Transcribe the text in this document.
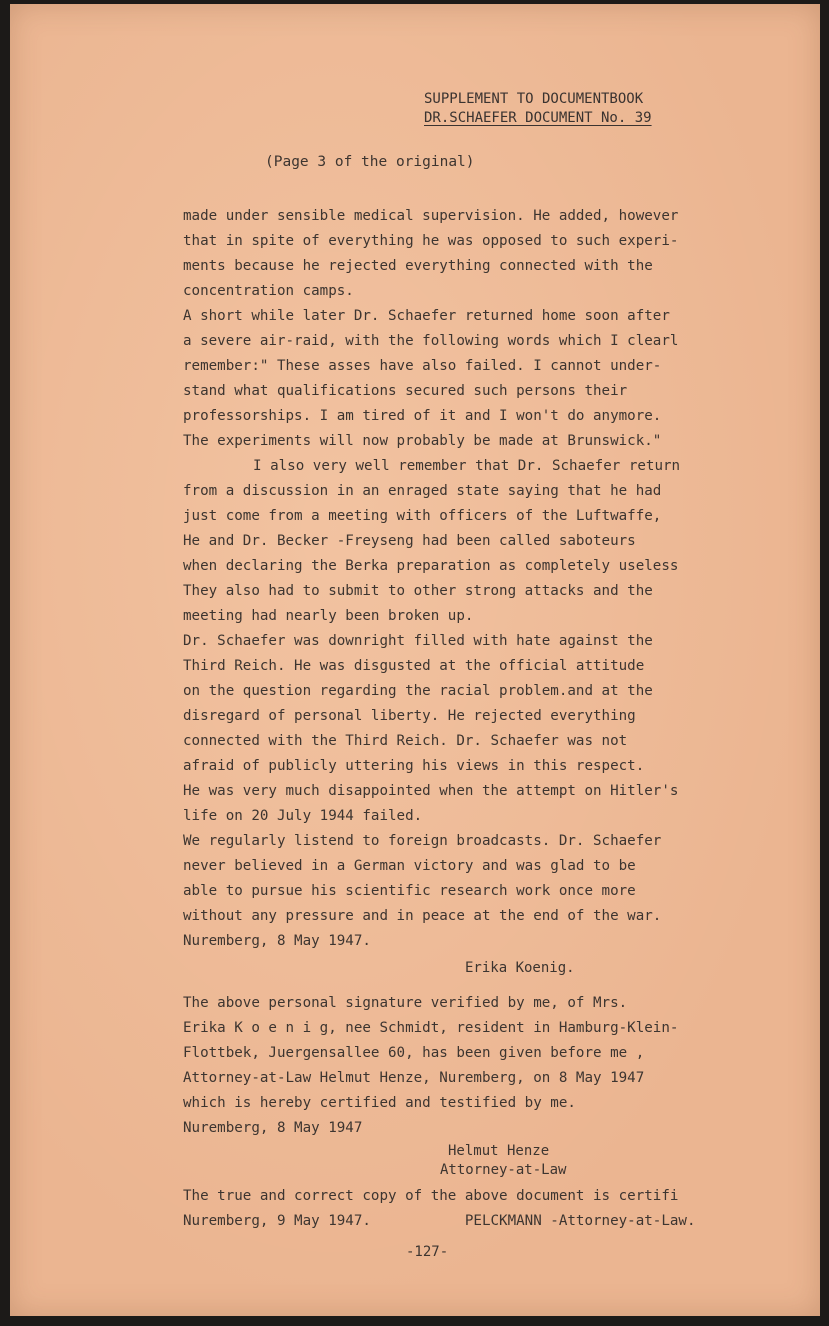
SUPPLEMENT TO DOCUMENTBOOK
DR.SCHAEFER DOCUMENT No. 39
(Page 3 of the original)
made under sensible medical supervision. He added, however
that in spite of everything he was opposed to such experi-
ments because he rejected everything connected with the
concentration camps.
A short while later Dr. Schaefer returned home soon after
a severe air-raid, with the following words which I clearl
remember:" These asses have also failed. I cannot under-
stand what qualifications secured such persons their
professorships. I am tired of it and I won't do anymore.
The experiments will now probably be made at Brunswick."
I also very well remember that Dr. Schaefer return
from a discussion in an enraged state saying that he had
just come from a meeting with officers of the Luftwaffe,
He and Dr. Becker -Freyseng had been called saboteurs
when declaring the Berka preparation as completely useless
They also had to submit to other strong attacks and the
meeting had nearly been broken up.
Dr. Schaefer was downright filled with hate against the
Third Reich. He was disgusted at the official attitude
on the question regarding the racial problem.and at the
disregard of personal liberty. He rejected everything
connected with the Third Reich. Dr. Schaefer was not
afraid of publicly uttering his views in this respect.
He was very much disappointed when the attempt on Hitler's
life on 20 July 1944 failed.
We regularly listend to foreign broadcasts. Dr. Schaefer
never believed in a German victory and was glad to be
able to pursue his scientific research work once more
without any pressure and in peace at the end of the war.
Nuremberg, 8 May 1947.
Erika Koenig.
The above personal signature verified by me, of Mrs.
Erika K o e n i g, nee Schmidt, resident in Hamburg-Klein-
Flottbek, Juergensallee 60, has been given before me ,
Attorney-at-Law Helmut Henze, Nuremberg, on 8 May 1947
which is hereby certified and testified by me.
Nuremberg, 8 May 1947
Helmut Henze
Attorney-at-Law
The true and correct copy of the above document is certifi
Nuremberg, 9 May 1947.           PELCKMANN -Attorney-at-Law.
-127-
